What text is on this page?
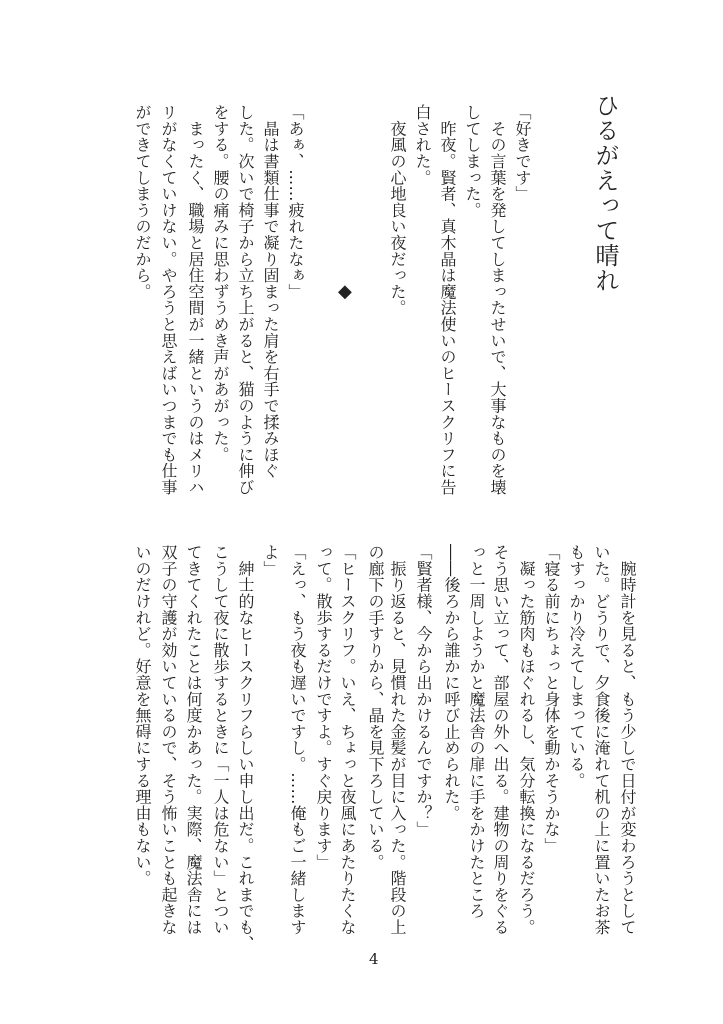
ひるがえって晴れ
「好きです」
　その言葉を発してしまったせいで、大事なものを壊
してしまった。
　昨夜。賢者、真木晶は魔法使いのヒースクリフに告
白された。
　夜風の心地良い夜だった。
◆
「あぁ、……疲れたなぁ」
　晶は書類仕事で凝り固まった肩を右手で揉みほぐ
した。次いで椅子から立ち上がると、猫のように伸び
をする。腰の痛みに思わずうめき声があがった。
　まったく、職場と居住空間が一緒というのはメリハ
リがなくていけない。やろうと思えばいつまでも仕事
ができてしまうのだから。
　腕時計を見ると、もう少しで日付が変わろうとして
いた。どうりで、夕食後に淹れて机の上に置いたお茶
もすっかり冷えてしまっている。
「寝る前にちょっと身体を動かそうかな」
　凝った筋肉もほぐれるし、気分転換になるだろう。
そう思い立って、部屋の外へ出る。建物の周りをぐる
っと一周しようかと魔法舎の扉に手をかけたところ
――後ろから誰かに呼び止められた。
「賢者様、今から出かけるんですか？」
　振り返ると、見慣れた金髪が目に入った。階段の上
の廊下の手すりから、晶を見下ろしている。
「ヒースクリフ。いえ、ちょっと夜風にあたりたくな
って。散歩するだけですよ。すぐ戻ります」
「えっ、もう夜も遅いですし。……俺もご一緒します
よ」
　紳士的なヒースクリフらしい申し出だ。これまでも、
こうして夜に散歩するときに「一人は危ない」とつい
てきてくれたことは何度かあった。実際、魔法舎には
双子の守護が効いているので、そう怖いことも起きな
いのだけれど。好意を無碍にする理由もない。
4
